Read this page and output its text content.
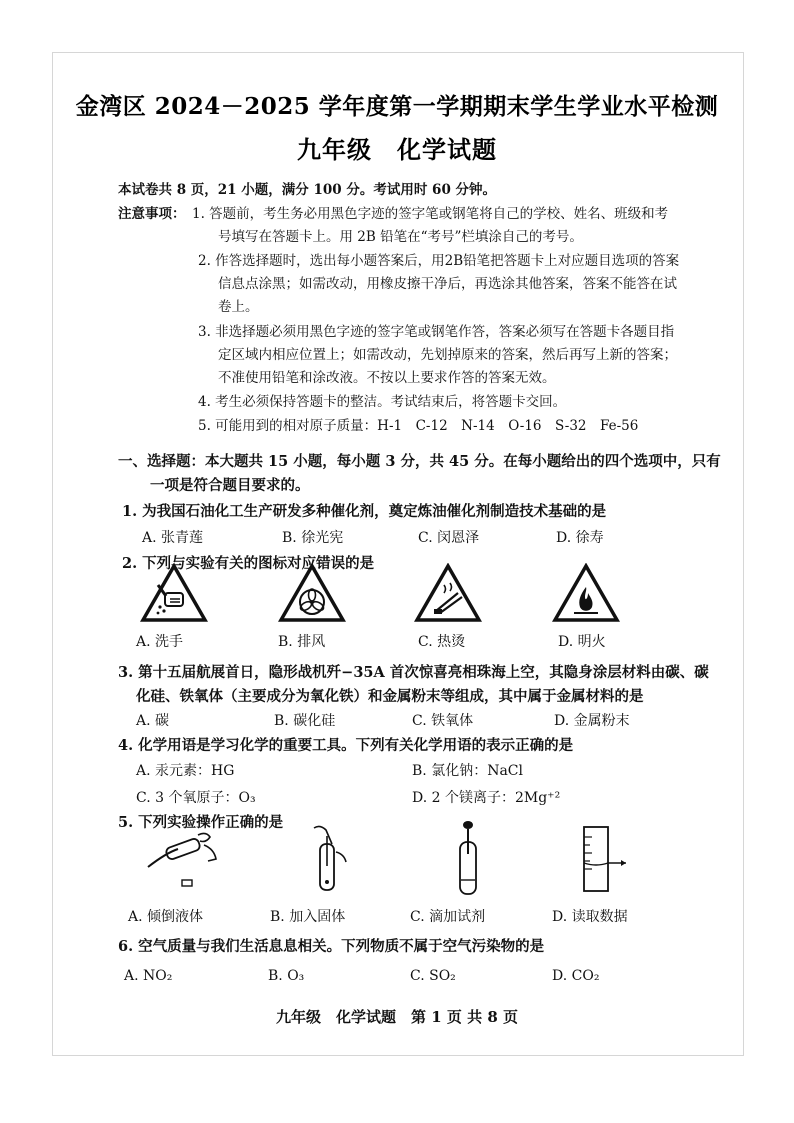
金湾区 2024－2025 学年度第一学期期末学生学业水平检测
九年级　化学试题
本试卷共 8 页，21 小题，满分 100 分。考试用时 60 分钟。
注意事项： 1. 答题前，考生务必用黑色字迹的签字笔或钢笔将自己的学校、姓名、班级和考
号填写在答题卡上。用 2B 铅笔在“考号”栏填涂自己的考号。
2. 作答选择题时，选出每小题答案后，用2B铅笔把答题卡上对应题目选项的答案
信息点涂黑；如需改动，用橡皮擦干净后，再选涂其他答案，答案不能答在试
卷上。
3. 非选择题必须用黑色字迹的签字笔或钢笔作答，答案必须写在答题卡各题目指
定区域内相应位置上；如需改动，先划掉原来的答案，然后再写上新的答案；
不准使用铅笔和涂改液。不按以上要求作答的答案无效。
4. 考生必须保持答题卡的整洁。考试结束后，将答题卡交回。
5. 可能用到的相对原子质量：H-1　C-12　N-14　O-16　S-32　Fe-56
一、选择题：本大题共 15 小题，每小题 3 分，共 45 分。在每小题给出的四个选项中，只有
一项是符合题目要求的。
1. 为我国石油化工生产研发多种催化剂，奠定炼油催化剂制造技术基础的是
A. 张青莲	B. 徐光宪	C. 闵恩泽	D. 徐寿
2. 下列与实验有关的图标对应错误的是
A. 洗手	B. 排风	C. 热烫	D. 明火
3. 第十五届航展首日，隐形战机歼−35A 首次惊喜亮相珠海上空，其隐身涂层材料由碳、碳
化硅、铁氧体（主要成分为氧化铁）和金属粉末等组成，其中属于金属材料的是
A. 碳	B. 碳化硅	C. 铁氧体	D. 金属粉末
4. 化学用语是学习化学的重要工具。下列有关化学用语的表示正确的是
A. 汞元素：HG	B. 氯化钠：NaCl
C. 3 个氧原子：O₃	D. 2 个镁离子：2Mg⁺²
5. 下列实验操作正确的是
A. 倾倒液体	B. 加入固体	C. 滴加试剂	D. 读取数据
6. 空气质量与我们生活息息相关。下列物质不属于空气污染物的是
A. NO₂	B. O₃	C. SO₂	D. CO₂
九年级　化学试题　第 1 页 共 8 页
